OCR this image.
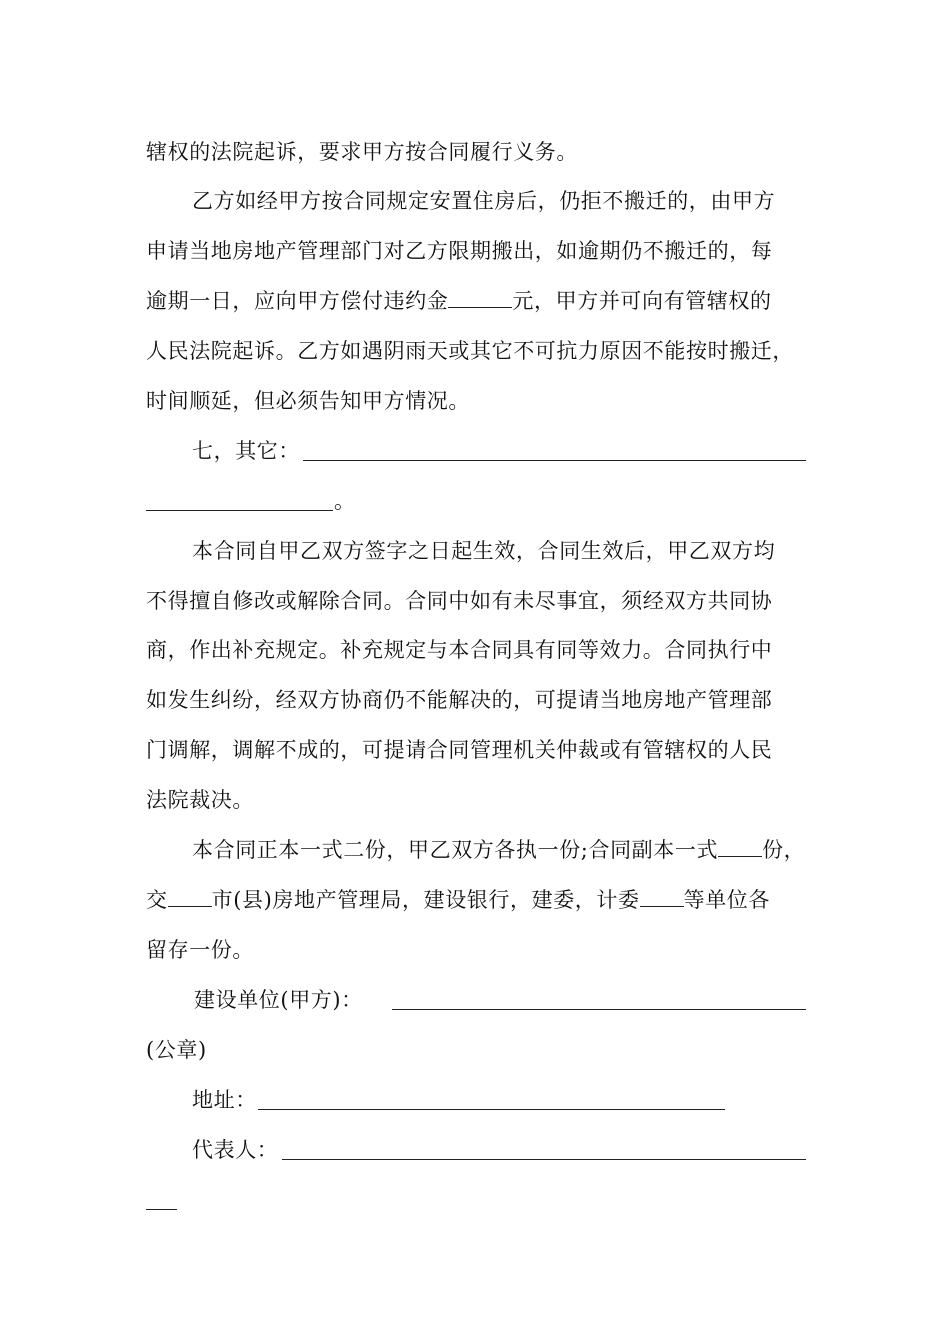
辖权的法院起诉，要求甲方按合同履行义务。
乙方如经甲方按合同规定安置住房后，仍拒不搬迁的，由甲方
申请当地房地产管理部门对乙方限期搬出，如逾期仍不搬迁的，每
逾期一日，应向甲方偿付违约金	元，甲方并可向有管辖权的
人民法院起诉。乙方如遇阴雨天或其它不可抗力原因不能按时搬迁，
时间顺延，但必须告知甲方情况。
七，其它：
。
本合同自甲乙双方签字之日起生效，合同生效后，甲乙双方均
不得擅自修改或解除合同。合同中如有未尽事宜，须经双方共同协
商，作出补充规定。补充规定与本合同具有同等效力。合同执行中
如发生纠纷，经双方协商仍不能解决的，可提请当地房地产管理部
门调解，调解不成的，可提请合同管理机关仲裁或有管辖权的人民
法院裁决。
本合同正本一式二份，甲乙双方各执一份;合同副本一式 份，
交 市(县)房地产管理局，建设银行，建委，计委 等单位各
留存一份。
建设单位(甲方)：
(公章)
地址：
代表人：
